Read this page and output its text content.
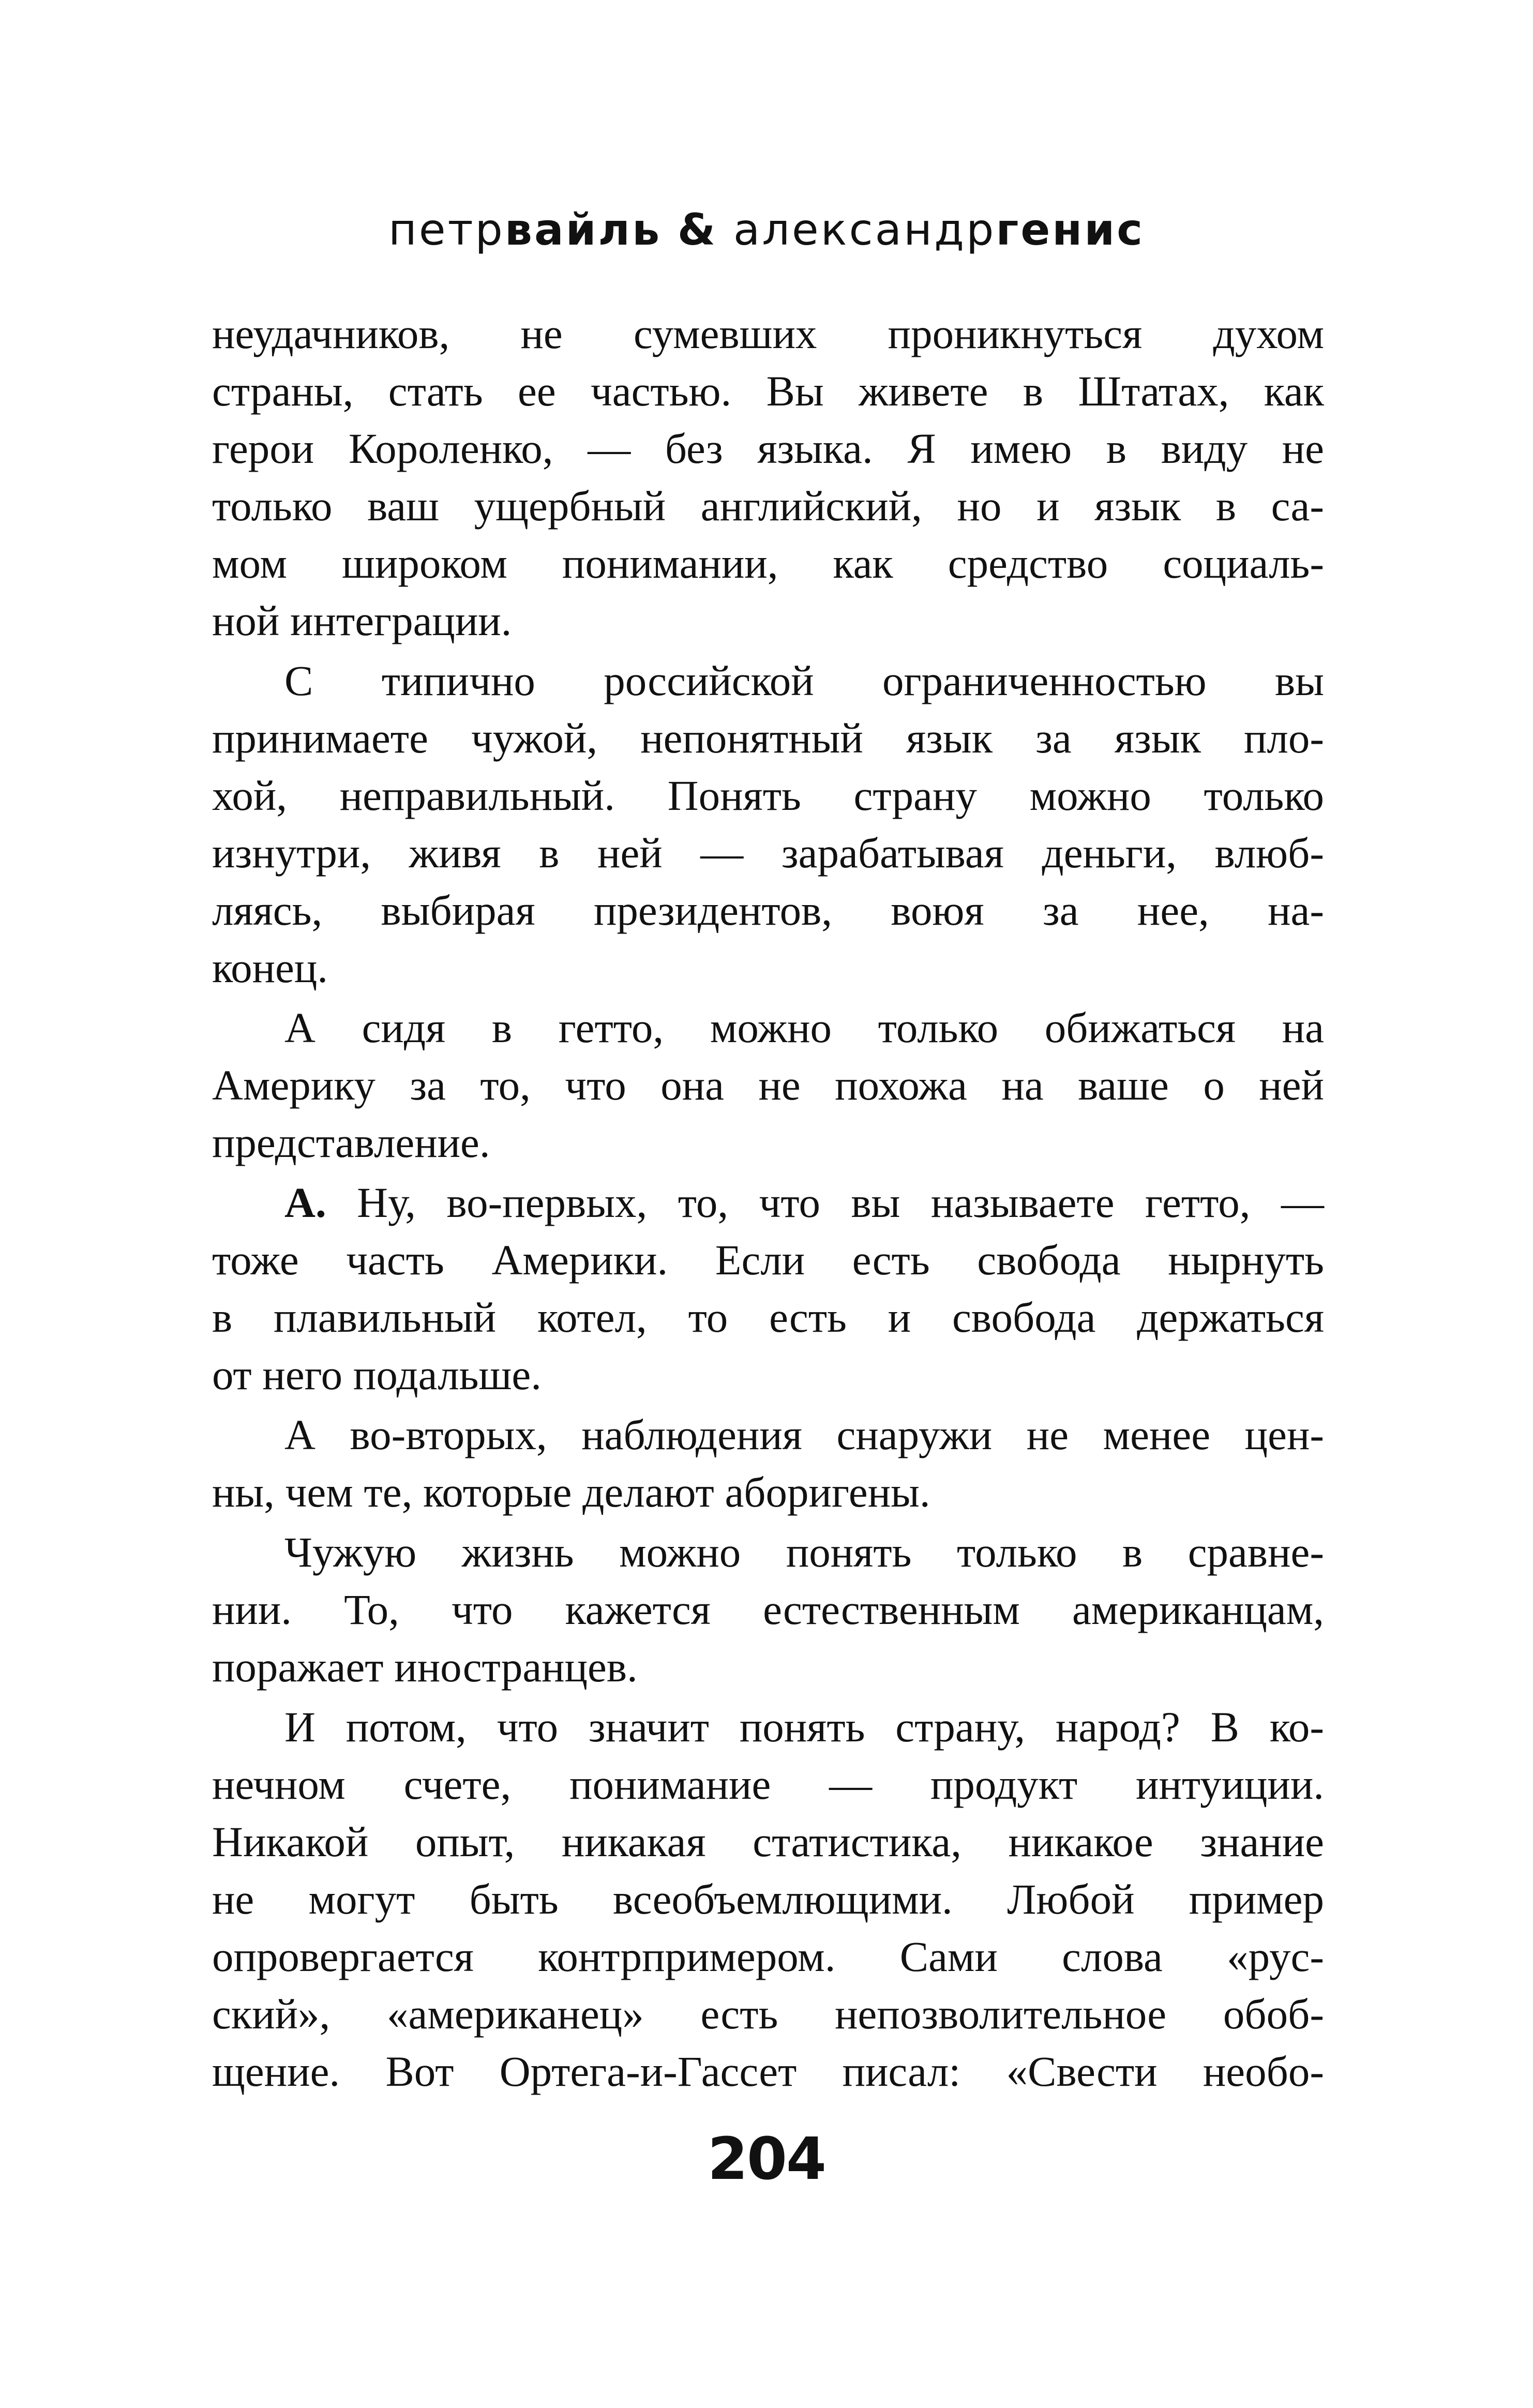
петрвайль & александргенис
неудачников, не сумевших проникнуться духом
страны, стать ее частью. Вы живете в Штатах, как
герои Короленко, — без языка. Я имею в виду не
только ваш ущербный английский, но и язык в са-
мом широком понимании, как средство социаль-
ной интеграции.
С типично российской ограниченностью вы
принимаете чужой, непонятный язык за язык пло-
хой, неправильный. Понять страну можно только
изнутри, живя в ней — зарабатывая деньги, влюб-
ляясь, выбирая президентов, воюя за нее, на-
конец.
А сидя в гетто, можно только обижаться на
Америку за то, что она не похожа на ваше о ней
представление.
А. Ну, во-первых, то, что вы называете гетто, —
тоже часть Америки. Если есть свобода нырнуть
в плавильный котел, то есть и свобода держаться
от него подальше.
А во-вторых, наблюдения снаружи не менее цен-
ны, чем те, которые делают аборигены.
Чужую жизнь можно понять только в сравне-
нии. То, что кажется естественным американцам,
поражает иностранцев.
И потом, что значит понять страну, народ? В ко-
нечном счете, понимание — продукт интуиции.
Никакой опыт, никакая статистика, никакое знание
не могут быть всеобъемлющими. Любой пример
опровергается контрпримером. Сами слова «рус-
ский», «американец» есть непозволительное обоб-
щение. Вот Ортега-и-Гассет писал: «Свести необо-
204
